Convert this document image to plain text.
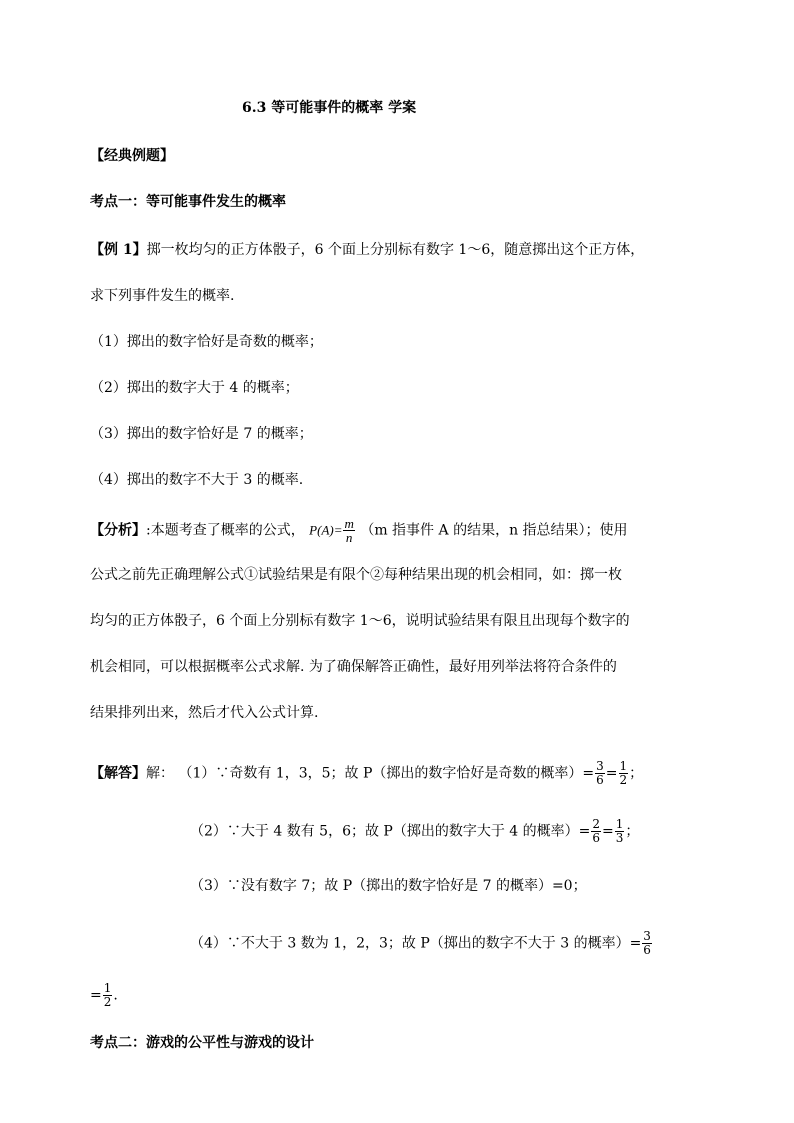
6.3 等可能事件的概率 学案
【经典例题】
考点一：等可能事件发生的概率
【例 1】掷一枚均匀的正方体骰子，6 个面上分别标有数字 1～6，随意掷出这个正方体，
求下列事件发生的概率.
（1）掷出的数字恰好是奇数的概率；
（2）掷出的数字大于 4 的概率；
（3）掷出的数字恰好是 7 的概率；
（4）掷出的数字不大于 3 的概率.
【分析】:本题考查了概率的公式， $P(A)= \frac{m}{n} (m$ 指事件 A 的结果，n 指总结果）；使用
公式之前先正确理解公式①试验结果是有限个②每种结果出现的机会相同，如：掷一枚
均匀的正方体骰子，6 个面上分别标有数字 1～6，说明试验结果有限且出现每个数字的
机会相同，可以根据概率公式求解. 为了确保解答正确性，最好用列举法将符合条件的
结果排列出来，然后才代入公式计算.
【解答】解： （1）∵奇数有 1，3，5；故 P（掷出的数字恰好是奇数的概率）= $\frac{3}{6} = \frac{1}{2}$ ；
（2）∵大于 4 数有 5，6；故 P（掷出的数字大于 4 的概率）= $\frac{2}{6} = \frac{1}{3}$ ；
（3）∵没有数字 7；故 P（掷出的数字恰好是 7 的概率）=0；
（4）∵不大于 3 数为 1，2，3；故 P（掷出的数字不大于 3 的概率）= $\frac{3}{6}$
= $\frac{1}{2}$ .
考点二：游戏的公平性与游戏的设计
